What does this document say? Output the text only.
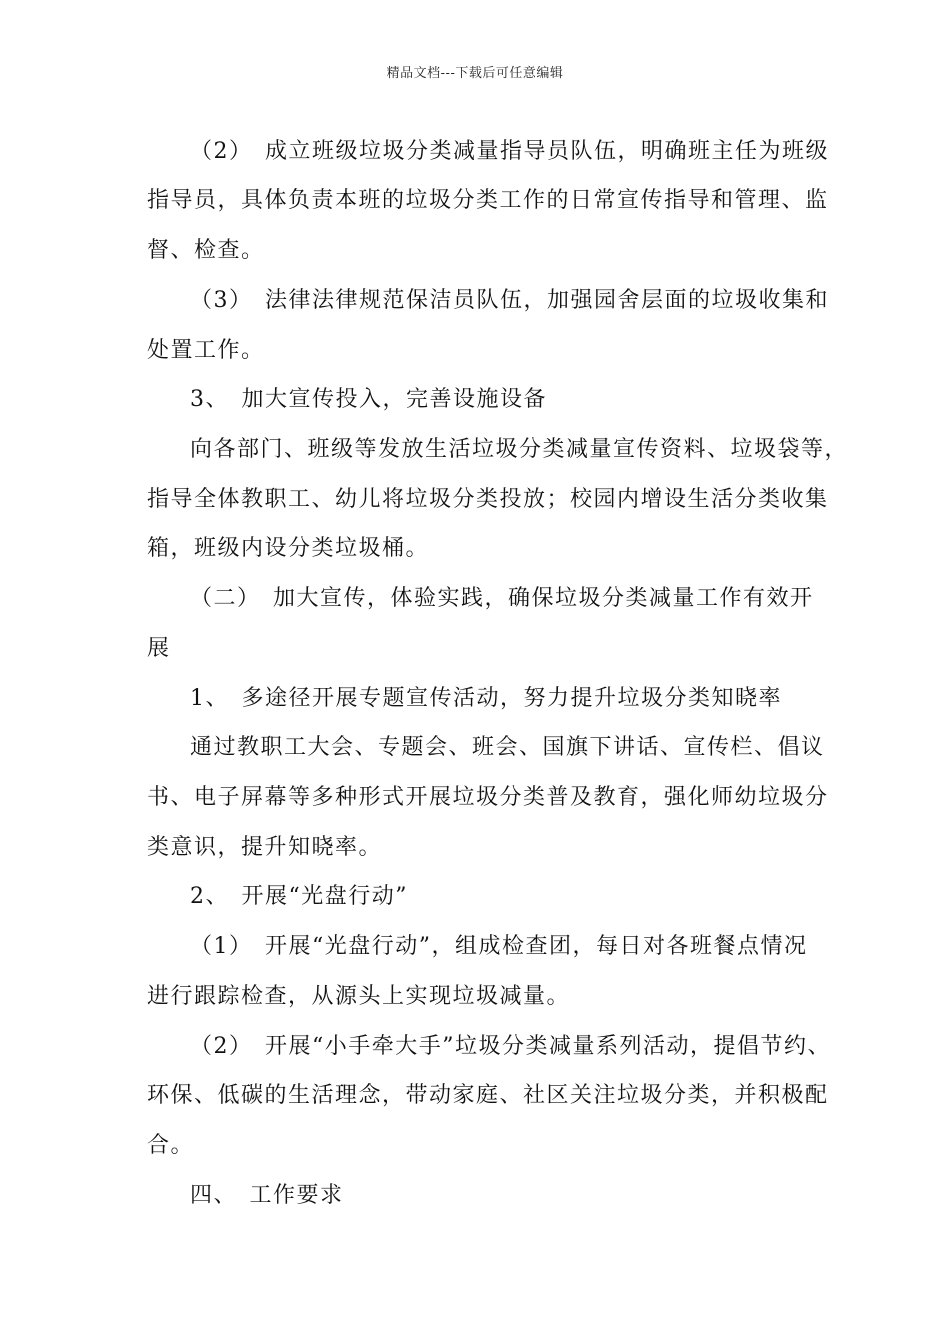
精品文档---下载后可任意编辑
（2）　成立班级垃圾分类减量指导员队伍，明确班主任为班级
指导员，具体负责本班的垃圾分类工作的日常宣传指导和管理、监
督、检查。
（3）　法律法律规范保洁员队伍，加强园舍层面的垃圾收集和
处置工作。
3、　加大宣传投入，完善设施设备
向各部门、班级等发放生活垃圾分类减量宣传资料、垃圾袋等，
指导全体教职工、幼儿将垃圾分类投放；校园内增设生活分类收集
箱，班级内设分类垃圾桶。
（二）　加大宣传，体验实践，确保垃圾分类减量工作有效开
展
1、　多途径开展专题宣传活动，努力提升垃圾分类知晓率
通过教职工大会、专题会、班会、国旗下讲话、宣传栏、倡议
书、电子屏幕等多种形式开展垃圾分类普及教育，强化师幼垃圾分
类意识，提升知晓率。
2、　开展“光盘行动”
（1）　开展“光盘行动”，组成检查团，每日对各班餐点情况
进行跟踪检查，从源头上实现垃圾减量。
（2）　开展“小手牵大手”垃圾分类减量系列活动，提倡节约、
环保、低碳的生活理念，带动家庭、社区关注垃圾分类，并积极配
合。
四、　工作要求
